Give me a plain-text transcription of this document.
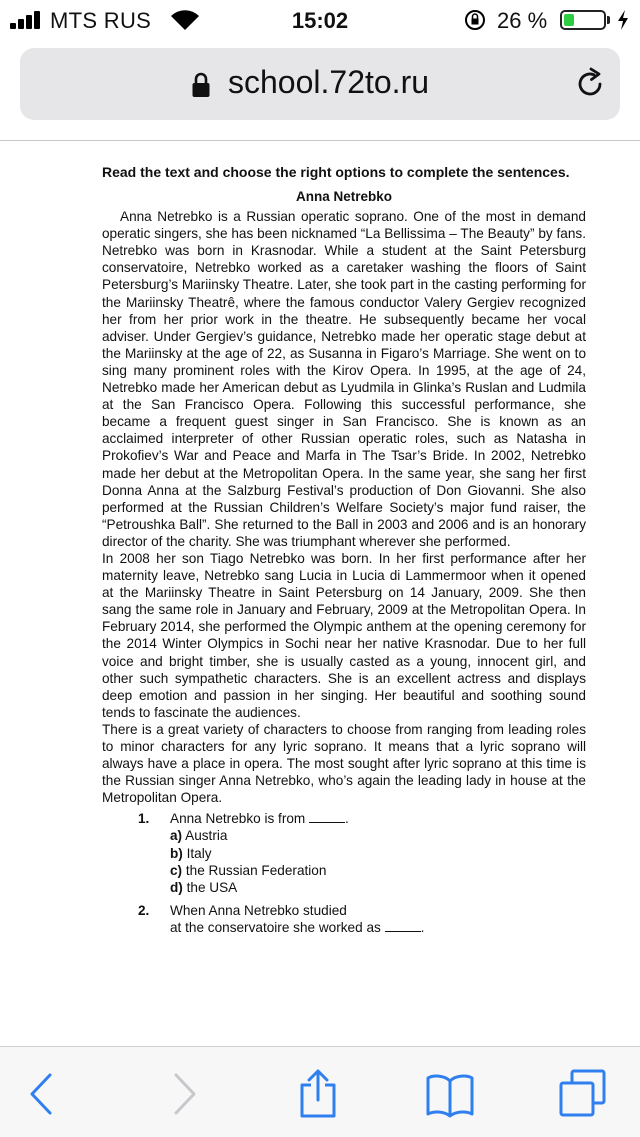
MTS RUS	15:02	26 %
school.72to.ru

Read the text and choose the right options to complete the sentences.

Anna Netrebko

Anna Netrebko is a Russian operatic soprano. One of the most in demand operatic singers, she has been nicknamed “La Bellissima – The Beauty” by fans. Netrebko was born in Krasnodar. While a student at the Saint Petersburg conservatoire, Netrebko worked as a caretaker washing the floors of Saint Petersburg’s Mariinsky Theatre. Later, she took part in the casting performing for the Mariinsky Theatrê, where the famous conductor Valery Gergiev recognized her from her prior work in the theatre. He subsequently became her vocal adviser. Under Gergiev’s guidance, Netrebko made her operatic stage debut at the Mariinsky at the age of 22, as Susanna in Figaro’s Marriage. She went on to sing many prominent roles with the Kirov Opera. In 1995, at the age of 24, Netrebko made her American debut as Lyudmila in Glinka’s Ruslan and Ludmila at the San Francisco Opera. Following this successful performance, she became a frequent guest singer in San Francisco. She is known as an acclaimed interpreter of other Russian operatic roles, such as Natasha in Prokofiev’s War and Peace and Marfa in The Tsar’s Bride. In 2002, Netrebko made her debut at the Metropolitan Opera. In the same year, she sang her first Donna Anna at the Salzburg Festival’s production of Don Giovanni. She also performed at the Russian Children’s Welfare Society’s major fund raiser, the “Petroushka Ball”. She returned to the Ball in 2003 and 2006 and is an honorary director of the charity. She was triumphant wherever she performed.

In 2008 her son Tiago Netrebko was born. In her first performance after her maternity leave, Netrebko sang Lucia in Lucia di Lammermoor when it opened at the Mariinsky Theatre in Saint Petersburg on 14 January, 2009. She then sang the same role in January and February, 2009 at the Metropolitan Opera. In February 2014, she performed the Olympic anthem at the opening ceremony for the 2014 Winter Olympics in Sochi near her native Krasnodar. Due to her full voice and bright timber, she is usually casted as a young, innocent girl, and other such sympathetic characters. She is an excellent actress and displays deep emotion and passion in her singing. Her beautiful and soothing sound tends to fascinate the audiences.

There is a great variety of characters to choose from ranging from leading roles to minor characters for any lyric soprano. It means that a lyric soprano will always have a place in opera. The most sought after lyric soprano at this time is the Russian singer Anna Netrebko, who’s again the leading lady in house at the Metropolitan Opera.

1. Anna Netrebko is from	.
a) Austria
b) Italy
c) the Russian Federation
d) the USA
2. When Anna Netrebko studied
at the conservatoire she worked as	.
